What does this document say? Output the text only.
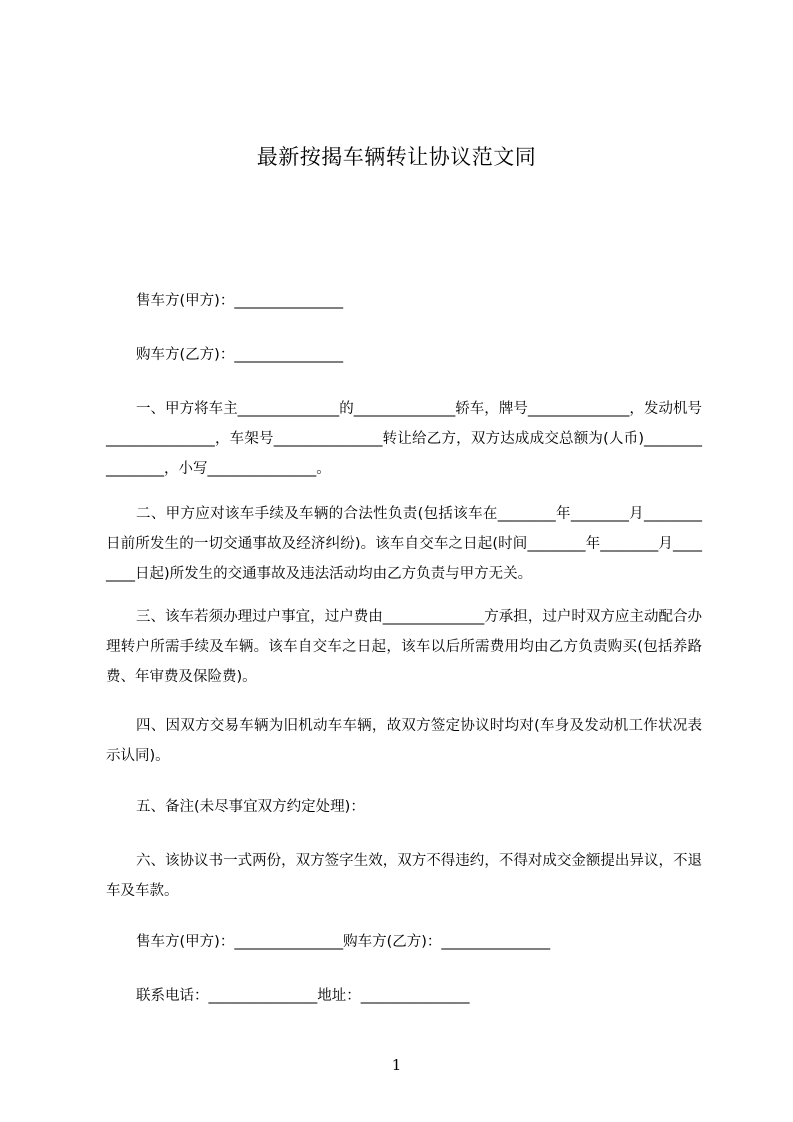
最新按揭车辆转让协议范文同
售车方(甲方)：_______________
购车方(乙方)：_______________
一、甲方将车主______________的______________轿车，牌号______________，发动机号_______________，车架号_______________转让给乙方，双方达成成交总额为(人币)________________，小写_______________。
二、甲方应对该车手续及车辆的合法性负责(包括该车在________年________月________日前所发生的一切交通事故及经济纠纷)。该车自交车之日起(时间________年________月________日起)所发生的交通事故及违法活动均由乙方负责与甲方无关。
三、该车若须办理过户事宜，过户费由______________方承担，过户时双方应主动配合办理转户所需手续及车辆。该车自交车之日起，该车以后所需费用均由乙方负责购买(包括养路费、年审费及保险费)。
四、因双方交易车辆为旧机动车车辆，故双方签定协议时均对(车身及发动机工作状况表示认同)。
五、备注(未尽事宜双方约定处理)：
六、该协议书一式两份，双方签字生效，双方不得违约，不得对成交金额提出异议，不退车及车款。
售车方(甲方)：_______________购车方(乙方)：_______________
联系电话：_______________地址：_______________
1
